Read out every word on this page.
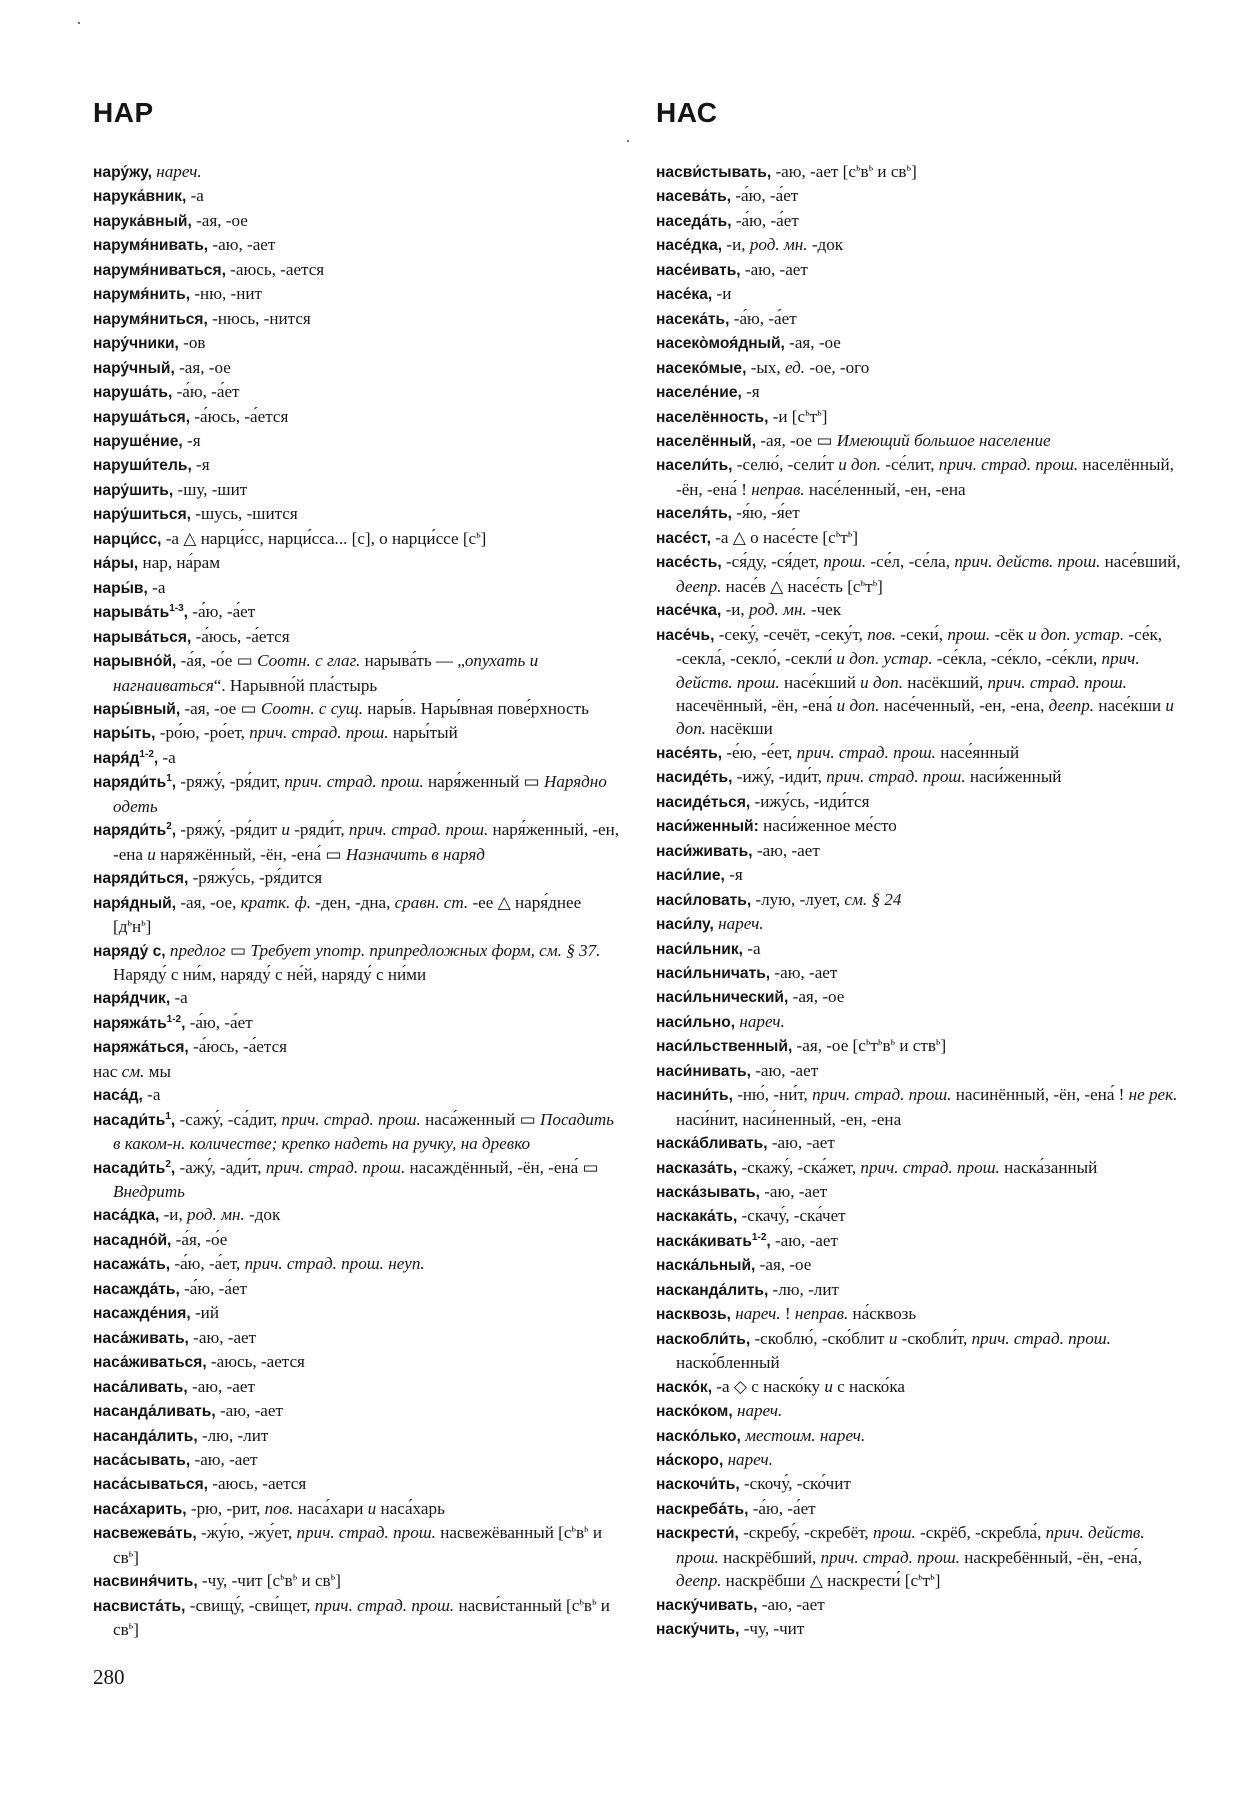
НАР	НАС
нару́жу, нареч.
нарука́вник, -а
нарука́вный, -ая, -ое
нарумя́нивать, -аю, -ает
нарумя́ниваться, -аюсь, -ается
нарумя́нить, -ню, -нит
нарумя́ниться, -нюсь, -нится
нару́чники, -ов
нару́чный, -ая, -ое
наруша́ть, -а́ю, -а́ет
наруша́ться, -а́юсь, -а́ется
наруше́ние, -я
наруши́тель, -я
нару́шить, -шу, -шит
нару́шиться, -шусь, -шится
нарци́сс, -а △ нарци́сс, нарци́сса... [с], о нарци́ссе $[с^ь]$
на́ры, нар, на́рам
нары́в, -а
$нарыва́ть^{1-3}$, -а́ю, -а́ет
нарыва́ться, -а́юсь, -а́ется
нарывно́й, -а́я, -о́е ▭ Соотн. с глаг. нарыва́ть — „опухать и нагнаиваться“. Нарывно́й пла́стырь
нары́вный, -ая, -ое ▭ Соотн. с сущ. нары́в. Нары́вная пове́рхность
нары́ть, -ро́ю, -ро́ет, прич. страд. прош. нары́тый
$наря́д^{1-2}$, -а
$наряди́ть^1$, -ряжу́, -ря́дит, прич. страд. прош. наря́женный ▭ Нарядно одеть
$наряди́ть^2$, -ряжу́, -ря́дит и -ряди́т, прич. страд. прош. наря́женный, -ен, -ена и наряжённый, -ён, -ена́ ▭ Назначить в наряд
наряди́ться, -ряжу́сь, -ря́дится
наря́дный, -ая, -ое, кратк. ф. -ден, -дна, сравн. ст. -ее △ наря́днее $[д^ьн^ь]$
наряду́ с, предлог ▭ Требует употр. припредложных форм, см. § 37. Наряду́ с ни́м, наряду́ с не́й, наряду́ с ни́ми
наря́дчик, -а
$наряжа́ть^{1-2}$, -а́ю, -а́ет
наряжа́ться, -а́юсь, -а́ется
нас см. мы
наса́д, -а
$насади́ть^1$, -сажу́, -са́дит, прич. страд. прош. наса́женный ▭ Посадить в каком-н. количестве; крепко надеть на ручку, на древко
$насади́ть^2$, -ажу́, -ади́т, прич. страд. прош. насаждённый, -ён, -ена́ ▭ Внедрить
наса́дка, -и, род. мн. -док
насадно́й, -а́я, -о́е
насажа́ть, -а́ю, -а́ет, прич. страд. прош. неуп.
насажда́ть, -а́ю, -а́ет
насажде́ния, -ий
наса́живать, -аю, -ает
наса́живаться, -аюсь, -ается
наса́ливать, -аю, -ает
насанда́ливать, -аю, -ает
насанда́лить, -лю, -лит
наса́сывать, -аю, -ает
наса́сываться, -аюсь, -ается
наса́харить, -рю, -рит, пов. наса́хари и наса́харь
насвежева́ть, -жу́ю, -жу́ет, прич. страд. прош. насвежёванный [$с^ьв^ь$ и $св^ь$]
насвиня́чить, -чу, -чит [$с^ьв^ь$ и $св^ь$]
насвиста́ть, -свищу́, -сви́щет, прич. страд. прош. насви́станный [$с^ьв^ь$ и $св^ь$]
насви́стывать, -аю, -ает [$с^ьв^ь$ и $св^ь$]
насева́ть, -а́ю, -а́ет
наседа́ть, -а́ю, -а́ет
насе́дка, -и, род. мн. -док
насе́ивать, -аю, -ает
насе́ка, -и
насека́ть, -а́ю, -а́ет
насеко̀моя́дный, -ая, -ое
насеко́мые, -ых, ед. -ое, -ого
населе́ние, -я
населённость, -и $[с^ьт^ь]$
населённый, -ая, -ое ▭ Имеющий большое население
насели́ть, -селю́, -сели́т и доп. -се́лит, прич. страд. прош. населённый, -ён, -ена́ ! неправ. насе́ленный, -ен, -ена
населя́ть, -я́ю, -я́ет
насе́ст, -а △ о насе́сте $[с^ьт^ь]$
насе́сть, -ся́ду, -ся́дет, прош. -се́л, -се́ла, прич. действ. прош. насе́вший, деепр. насе́в △ насе́сть $[с^ьт^ь]$
насе́чка, -и, род. мн. -чек
насе́чь, -секу́, -сечёт, -секу́т, пов. -секи́, прош. -сёк и доп. устар. -се́к, -секла́, -секло́, -секли́ и доп. устар. -се́кла, -се́кло, -се́кли, прич. действ. прош. насе́кший и доп. насёкший, прич. страд. прош. насечённый, -ён, -ена́ и доп. насе́ченный, -ен, -ена, деепр. насе́кши и доп. насёкши
насе́ять, -е́ю, -е́ет, прич. страд. прош. насе́янный
насиде́ть, -ижу́, -иди́т, прич. страд. прош. наси́женный
насиде́ться, -ижу́сь, -иди́тся
наси́женный: наси́женное ме́сто
наси́живать, -аю, -ает
наси́лие, -я
наси́ловать, -лую, -лует, см. § 24
наси́лу, нареч.
наси́льник, -а
наси́льничать, -аю, -ает
наси́льнический, -ая, -ое
наси́льно, нареч.
наси́льственный, -ая, -ое [$с^ьт^ьв^ь$ и ств$^ь$]
наси́нивать, -аю, -ает
насини́ть, -ню́, -ни́т, прич. страд. прош. насинённый, -ён, -ена́ ! не рек. наси́нит, наси́ненный, -ен, -ена
наска́бливать, -аю, -ает
насказа́ть, -скажу́, -ска́жет, прич. страд. прош. наска́занный
наска́зывать, -аю, -ает
наскака́ть, -скачу́, -ска́чет
наска́кивать$^{1-2}$, -аю, -ает
наска́льный, -ая, -ое
насканда́лить, -лю, -лит
насквозь, нареч. ! неправ. на́сквозь
наскобли́ть, -скоблю́, -ско́блит и -скобли́т, прич. страд. прош. наско́бленный
наско́к, -а ◇ с наско́ку и с наско́ка
наско́ком, нареч.
наско́лько, местоим. нареч.
на́скоро, нареч.
наскочи́ть, -скочу́, -ско́чит
наскреба́ть, -а́ю, -а́ет
наскрести́, -скребу́, -скребёт, прош. -скрёб, -скребла́, прич. действ. прош. наскрёбший, прич. страд. прош. наскребённый, -ён, -ена́, деепр. наскрёбши △ наскрести́ $[с^ьт^ь]$
наску́чивать, -аю, -ает
наску́чить, -чу, -чит
280
